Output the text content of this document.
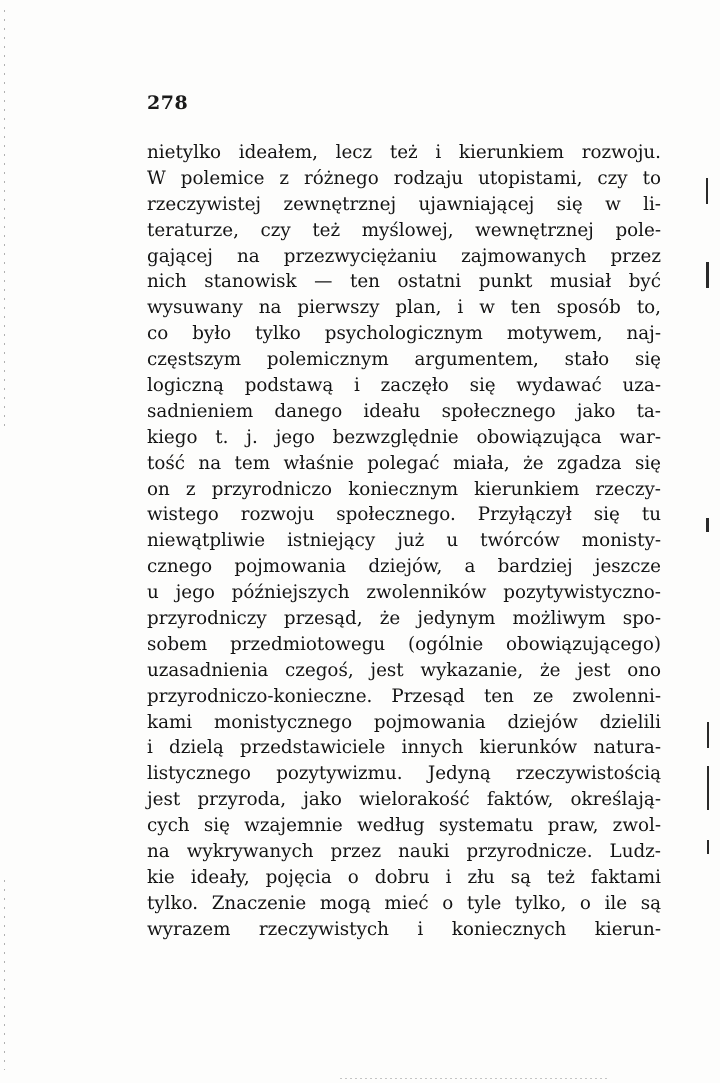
278
nietylko ideałem, lecz też i kierunkiem rozwoju.
W polemice z różnego rodzaju utopistami, czy to
rzeczywistej zewnętrznej ujawniającej się w li-
teraturze, czy też myślowej, wewnętrznej pole-
gającej na przezwyciężaniu zajmowanych przez
nich stanowisk — ten ostatni punkt musiał być
wysuwany na pierwszy plan, i w ten sposób to,
co było tylko psychologicznym motywem, naj-
częstszym polemicznym argumentem, stało się
logiczną podstawą i zaczęło się wydawać uza-
sadnieniem danego ideału społecznego jako ta-
kiego t. j. jego bezwzględnie obowiązująca war-
tość na tem właśnie polegać miała, że zgadza się
on z przyrodniczo koniecznym kierunkiem rzeczy-
wistego rozwoju społecznego. Przyłączył się tu
niewątpliwie istniejący już u twórców monisty-
cznego pojmowania dziejów, a bardziej jeszcze
u jego późniejszych zwolenników pozytywistyczno-
przyrodniczy przesąd, że jedynym możliwym spo-
sobem przedmiotowegu (ogólnie obowiązującego)
uzasadnienia czegoś, jest wykazanie, że jest ono
przyrodniczo-konieczne. Przesąd ten ze zwolenni-
kami monistycznego pojmowania dziejów dzielili
i dzielą przedstawiciele innych kierunków natura-
listycznego pozytywizmu. Jedyną rzeczywistością
jest przyroda, jako wielorakość faktów, określają-
cych się wzajemnie według systematu praw, zwol-
na wykrywanych przez nauki przyrodnicze. Ludz-
kie ideały, pojęcia o dobru i złu są też faktami
tylko. Znaczenie mogą mieć o tyle tylko, o ile są
wyrazem rzeczywistych i koniecznych kierun-
